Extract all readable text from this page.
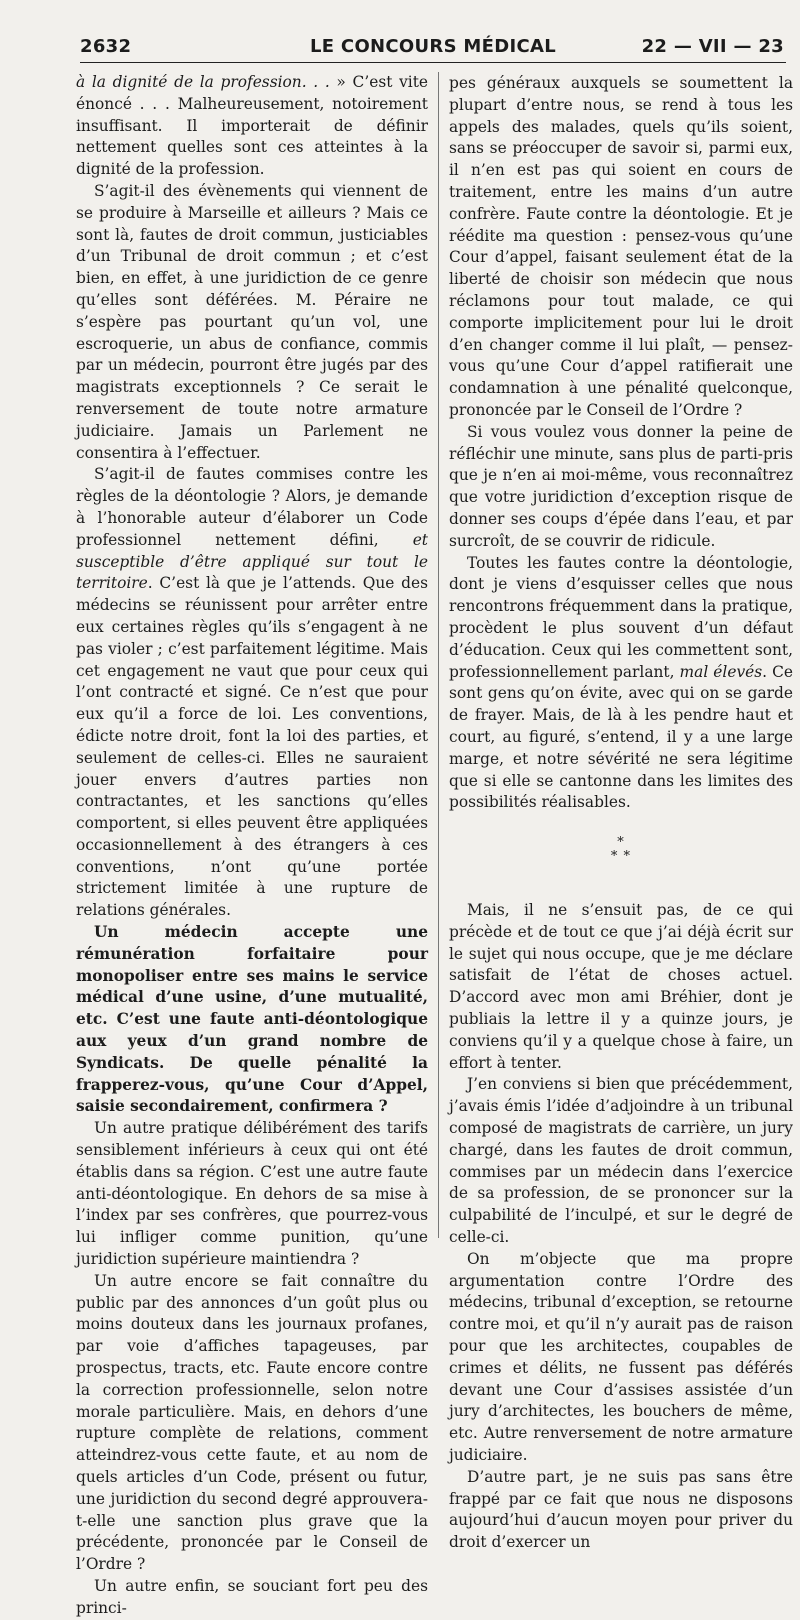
2632	LE CONCOURS MÉDICAL	22 — VII — 23

à la dignité de la profession. . . » C’est vite énoncé . . . Malheureusement, notoirement insuffisant. Il importerait de définir nettement quelles sont ces atteintes à la dignité de la profession.

S’agit-il des évènements qui viennent de se produire à Marseille et ailleurs ? Mais ce sont là, fautes de droit commun, justiciables d’un Tribunal de droit commun ; et c’est bien, en effet, à une juridiction de ce genre qu’elles sont déférées. M. Péraire ne s’espère pas pourtant qu’un vol, une escroquerie, un abus de confiance, commis par un médecin, pourront être jugés par des magistrats exceptionnels ? Ce serait le renversement de toute notre armature judiciaire. Jamais un Parlement ne consentira à l’effectuer.

S’agit-il de fautes commises contre les règles de la déontologie ? Alors, je demande à l’honorable auteur d’élaborer un Code professionnel nettement défini, et susceptible d’être appliqué sur tout le territoire. C’est là que je l’attends. Que des médecins se réunissent pour arrêter entre eux certaines règles qu’ils s’engagent à ne pas violer ; c’est parfaitement légitime. Mais cet engagement ne vaut que pour ceux qui l’ont contracté et signé. Ce n’est que pour eux qu’il a force de loi. Les conventions, édicte notre droit, font la loi des parties, et seulement de celles-ci. Elles ne sauraient jouer envers d’autres parties non contractantes, et les sanctions qu’elles comportent, si elles peuvent être appliquées occasionnellement à des étrangers à ces conventions, n’ont qu’une portée strictement limitée à une rupture de relations générales.

Un médecin accepte une rémunération forfaitaire pour monopoliser entre ses mains le service médical d’une usine, d’une mutualité, etc. C’est une faute anti-déontologique aux yeux d’un grand nombre de Syndicats. De quelle pénalité la frapperez-vous, qu’une Cour d’Appel, saisie secondairement, confirmera ?

Un autre pratique délibérément des tarifs sensiblement inférieurs à ceux qui ont été établis dans sa région. C’est une autre faute anti-déontologique. En dehors de sa mise à l’index par ses confrères, que pourrez-vous lui infliger comme punition, qu’une juridiction supérieure maintiendra ?

Un autre encore se fait connaître du public par des annonces d’un goût plus ou moins douteux dans les journaux profanes, par voie d’affiches tapageuses, par prospectus, tracts, etc. Faute encore contre la correction professionnelle, selon notre morale particulière. Mais, en dehors d’une rupture complète de relations, comment atteindrez-vous cette faute, et au nom de quels articles d’un Code, présent ou futur, une juridiction du second degré approuvera-t-elle une sanction plus grave que la précédente, prononcée par le Conseil de l’Ordre ?

Un autre enfin, se souciant fort peu des princi-

pes généraux auxquels se soumettent la plupart d’entre nous, se rend à tous les appels des malades, quels qu’ils soient, sans se préoccuper de savoir si, parmi eux, il n’en est pas qui soient en cours de traitement, entre les mains d’un autre confrère. Faute contre la déontologie. Et je réédite ma question : pensez-vous qu’une Cour d’appel, faisant seulement état de la liberté de choisir son médecin que nous réclamons pour tout malade, ce qui comporte implicitement pour lui le droit d’en changer comme il lui plaît, — pensez-vous qu’une Cour d’appel ratifierait une condamnation à une pénalité quelconque, prononcée par le Conseil de l’Ordre ?

Si vous voulez vous donner la peine de réfléchir une minute, sans plus de parti-pris que je n’en ai moi-même, vous reconnaîtrez que votre juridiction d’exception risque de donner ses coups d’épée dans l’eau, et par surcroît, de se couvrir de ridicule.

Toutes les fautes contre la déontologie, dont je viens d’esquisser celles que nous rencontrons fréquemment dans la pratique, procèdent le plus souvent d’un défaut d’éducation. Ceux qui les commettent sont, professionnellement parlant, mal élevés. Ce sont gens qu’on évite, avec qui on se garde de frayer. Mais, de là à les pendre haut et court, au figuré, s’entend, il y a une large marge, et notre sévérité ne sera légitime que si elle se cantonne dans les limites des possibilités réalisables.

*
* *

Mais, il ne s’ensuit pas, de ce qui précède et de tout ce que j’ai déjà écrit sur le sujet qui nous occupe, que je me déclare satisfait de l’état de choses actuel. D’accord avec mon ami Bréhier, dont je publiais la lettre il y a quinze jours, je conviens qu’il y a quelque chose à faire, un effort à tenter.

J’en conviens si bien que précédemment, j’avais émis l’idée d’adjoindre à un tribunal composé de magistrats de carrière, un jury chargé, dans les fautes de droit commun, commises par un médecin dans l’exercice de sa profession, de se prononcer sur la culpabilité de l’inculpé, et sur le degré de celle-ci.

On m’objecte que ma propre argumentation contre l’Ordre des médecins, tribunal d’exception, se retourne contre moi, et qu’il n’y aurait pas de raison pour que les architectes, coupables de crimes et délits, ne fussent pas déférés devant une Cour d’assises assistée d’un jury d’architectes, les bouchers de même, etc. Autre renversement de notre armature judiciaire.

D’autre part, je ne suis pas sans être frappé par ce fait que nous ne disposons aujourd’hui d’aucun moyen pour priver du droit d’exercer un
